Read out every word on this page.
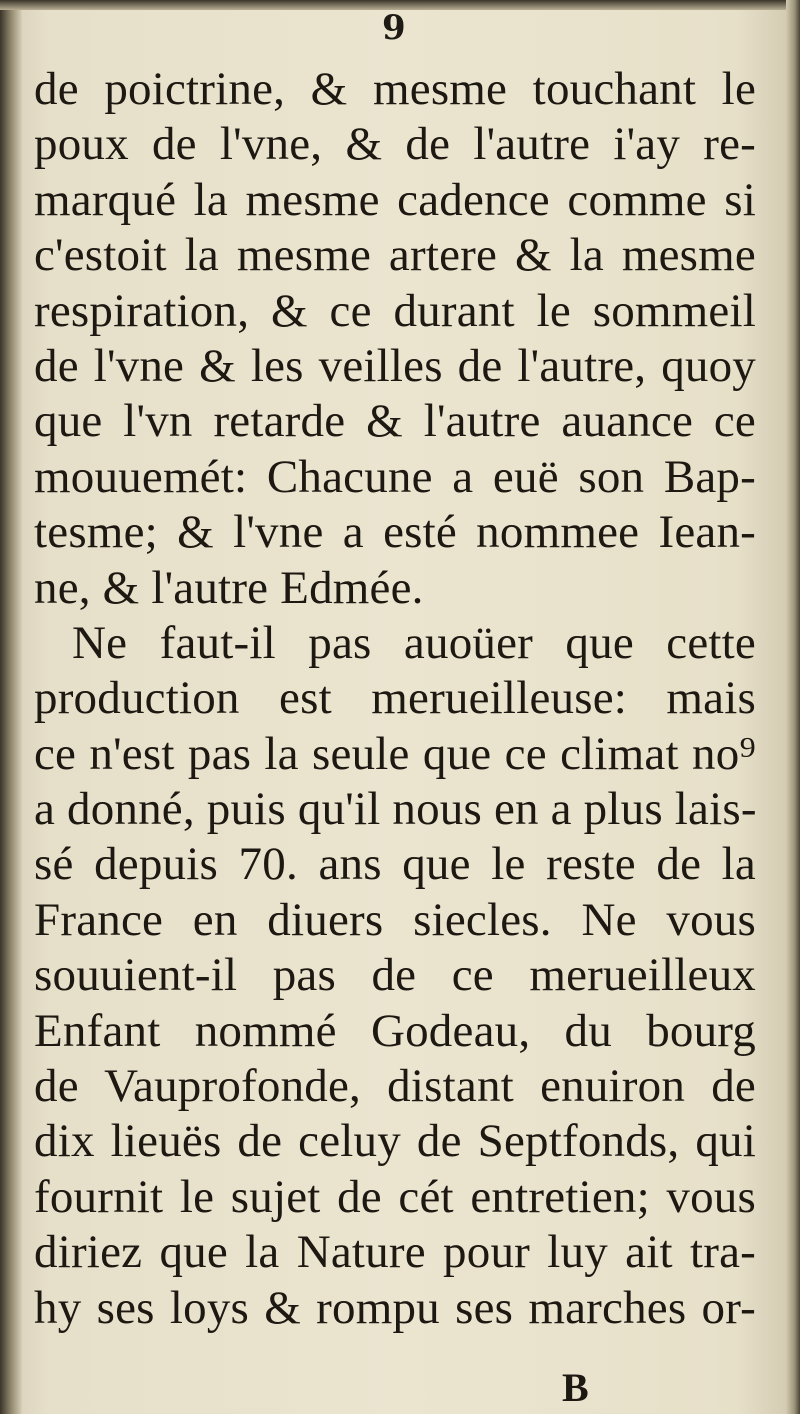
9
de poictrine, & mesme touchant le
poux de l'vne, & de l'autre i'ay re-
marqué la mesme cadence comme si
c'estoit la mesme artere & la mesme
respiration, & ce durant le sommeil
de l'vne & les veilles de l'autre, quoy
que l'vn retarde & l'autre auance ce
mouuemét: Chacune a euë son Bap-
tesme; & l'vne a esté nommee Iean-
ne, & l'autre Edmée.
Ne faut-il pas auoüer que cette
production est merueilleuse: mais
ce n'est pas la seule que ce climat no⁹
a donné, puis qu'il nous en a plus lais-
sé depuis 70. ans que le reste de la
France en diuers siecles. Ne vous
souuient-il pas de ce merueilleux
Enfant nommé Godeau, du bourg
de Vauprofonde, distant enuiron de
dix lieuës de celuy de Septfonds, qui
fournit le sujet de cét entretien; vous
diriez que la Nature pour luy ait tra-
hy ses loys & rompu ses marches or-
B
